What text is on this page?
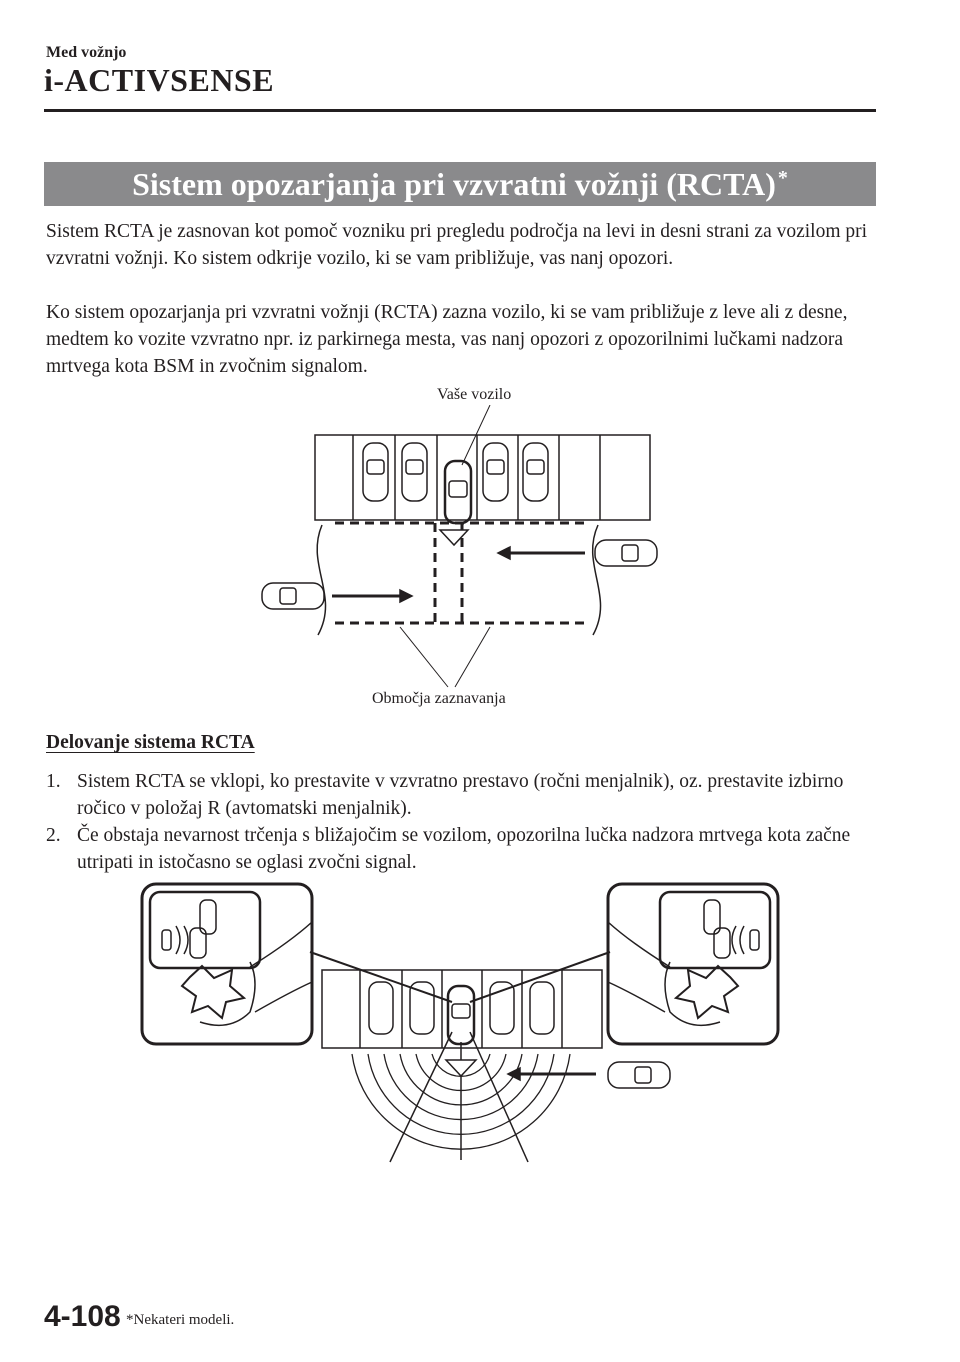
Med vožnjo
i-ACTIVSENSE
Sistem opozarjanja pri vzvratni vožnji (RCTA)*
Sistem RCTA je zasnovan kot pomoč vozniku pri pregledu področja na levi in desni strani za vozilom pri vzvratni vožnji. Ko sistem odkrije vozilo, ki se vam približuje, vas nanj opozori.
Ko sistem opozarjanja pri vzvratni vožnji (RCTA) zazna vozilo, ki se vam približuje z leve ali z desne, medtem ko vozite vzvratno npr. iz parkirnega mesta, vas nanj opozori z opozorilnimi lučkami nadzora mrtvega kota BSM in zvočnim signalom.
Vaše vozilo
Območja zaznavanja
Delovanje sistema RCTA
1. Sistem RCTA se vklopi, ko prestavite v vzvratno prestavo (ročni menjalnik), oz. prestavite izbirno ročico v položaj R (avtomatski menjalnik).
2. Če obstaja nevarnost trčenja s bližajočim se vozilom, opozorilna lučka nadzora mrtvega kota začne utripati in istočasno se oglasi zvočni signal.
4-108 *Nekateri modeli.
